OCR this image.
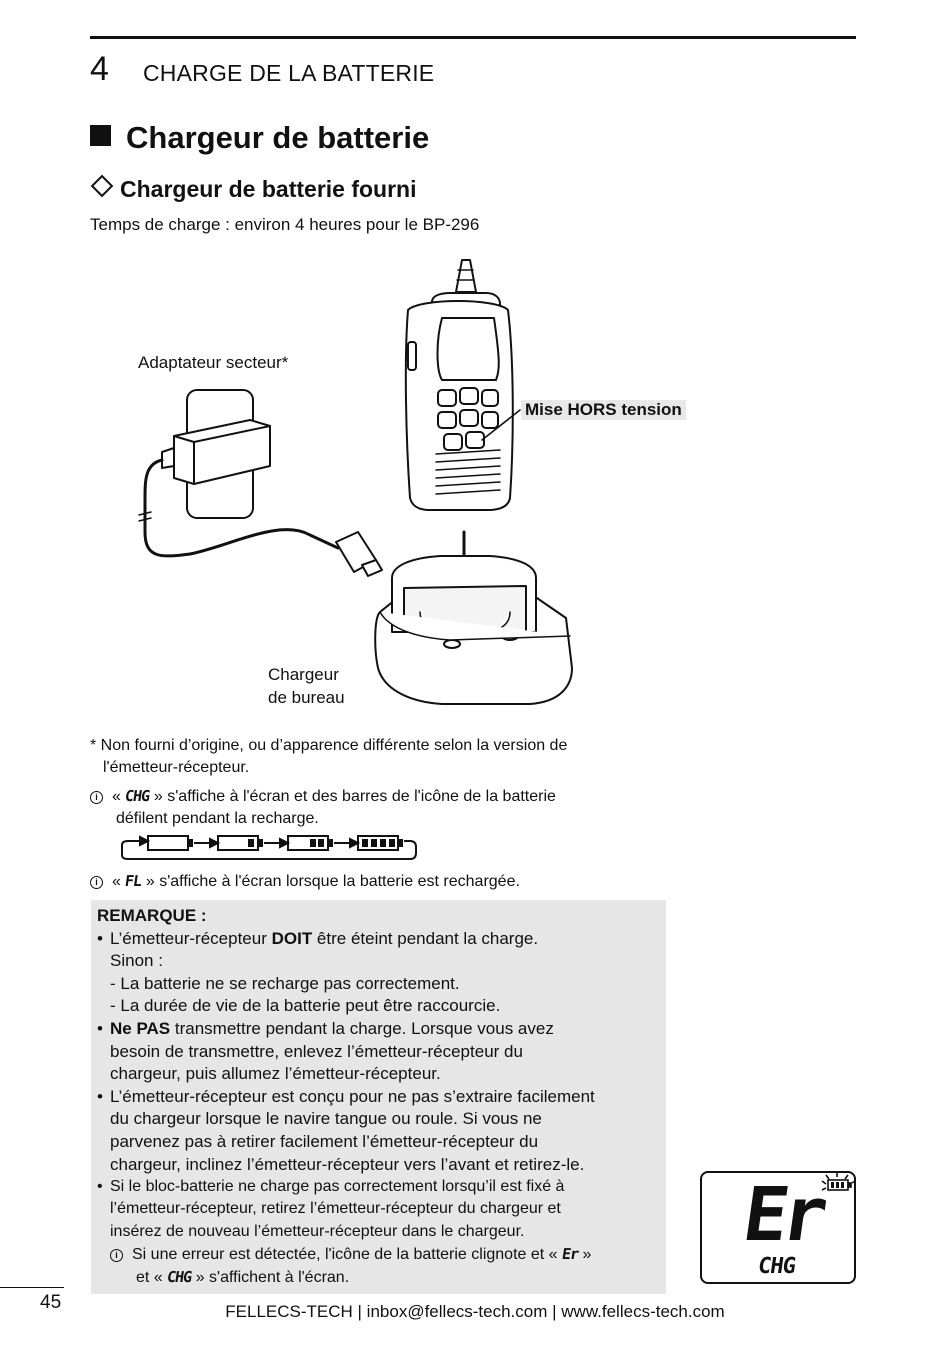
4 CHARGE DE LA BATTERIE
Chargeur de batterie
Chargeur de batterie fourni
Temps de charge : environ 4 heures pour le BP-296
Adaptateur secteur*
Mise HORS tension
Chargeur
de bureau
* Non fourni d’origine, ou d’apparence différente selon la version de
l'émetteur-récepteur.
i « CHG » s'affiche à l'écran et des barres de l'icône de la batterie
défilent pendant la recharge.
i « FL » s'affiche à l'écran lorsque la batterie est rechargée.
REMARQUE :
• L’émetteur-récepteur DOIT être éteint pendant la charge.
Sinon :
- La batterie ne se recharge pas correctement.
- La durée de vie de la batterie peut être raccourcie.
• Ne PAS transmettre pendant la charge. Lorsque vous avez
besoin de transmettre, enlevez l’émetteur-récepteur du
chargeur, puis allumez l’émetteur-récepteur.
• L’émetteur-récepteur est conçu pour ne pas s’extraire facilement
du chargeur lorsque le navire tangue ou roule. Si vous ne
parvenez pas à retirer facilement l’émetteur-récepteur du
chargeur, inclinez l’émetteur-récepteur vers l’avant et retirez-le.
• Si le bloc-batterie ne charge pas correctement lorsqu’il est fixé à
l’émetteur-récepteur, retirez l’émetteur-récepteur du chargeur et
insérez de nouveau l’émetteur-récepteur dans le chargeur.
i Si une erreur est détectée, l'icône de la batterie clignote et « Er »
et « CHG » s'affichent à l'écran.
Er
CHG
45	FELLECS-TECH | inbox@fellecs-tech.com | www.fellecs-tech.com
